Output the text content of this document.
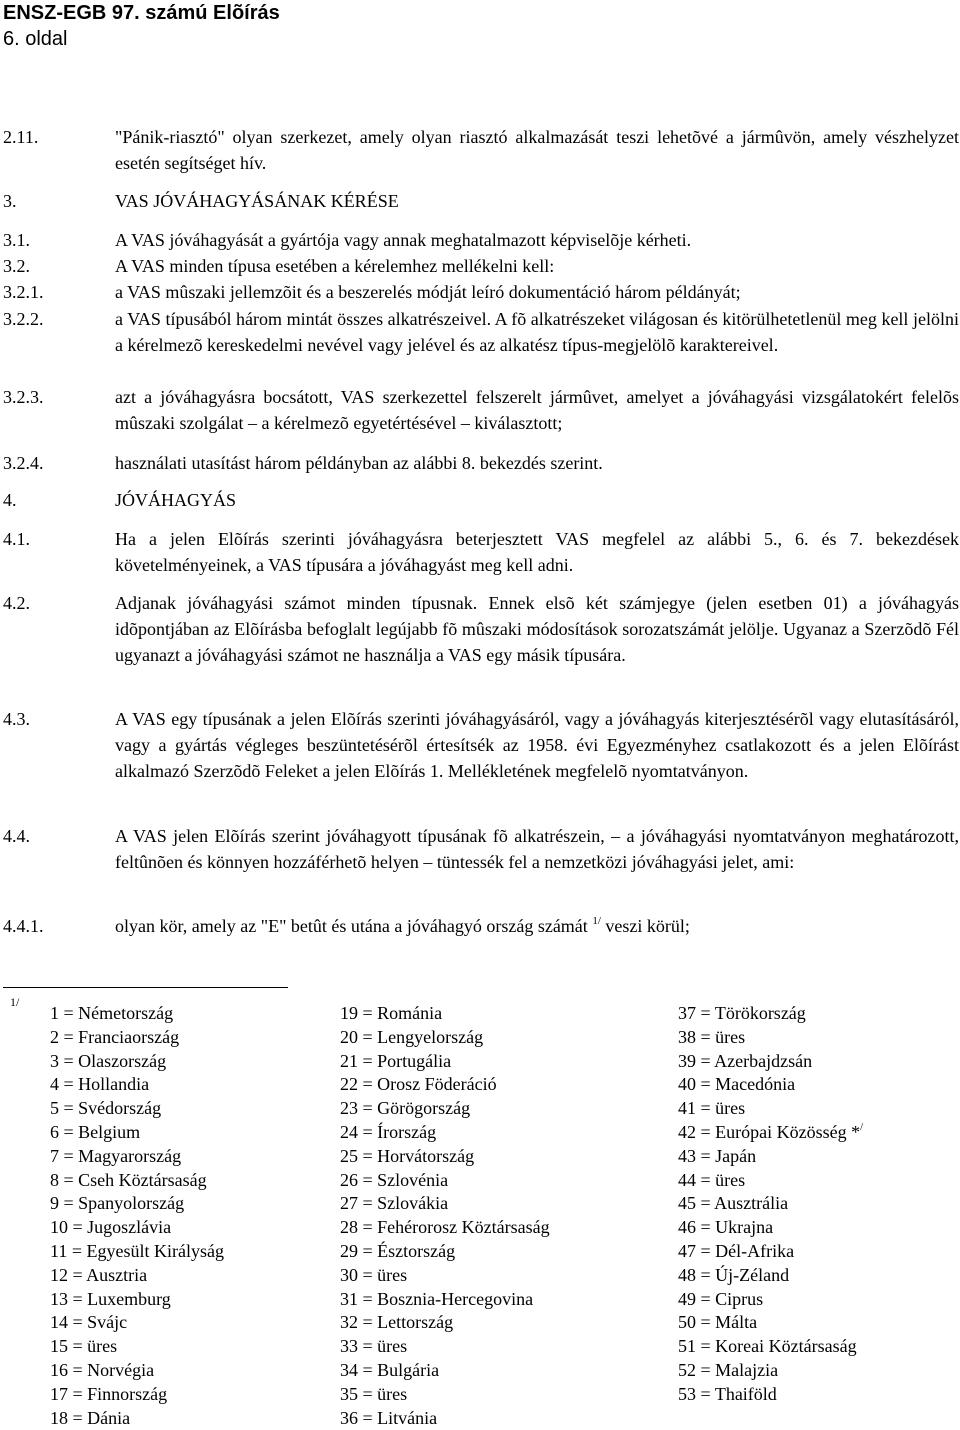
ENSZ-EGB 97. számú Elõírás
6. oldal
2.11.	"Pánik-riasztó" olyan szerkezet, amely olyan riasztó alkalmazását teszi lehetõvé a jármûvön, amely vészhelyzet esetén segítséget hív.
3.	VAS JÓVÁHAGYÁSÁNAK KÉRÉSE
3.1.	A VAS jóváhagyását a gyártója vagy annak meghatalmazott képviselõje kérheti.
3.2.	A VAS minden típusa esetében a kérelemhez mellékelni kell:
3.2.1.	a VAS mûszaki jellemzõit és a beszerelés módját leíró dokumentáció három példányát;
3.2.2.	a VAS típusából három mintát összes alkatrészeivel. A fõ alkatrészeket világosan és kitörülhetetlenül meg kell jelölni a kérelmezõ kereskedelmi nevével vagy jelével és az alkatész típus-megjelölõ karaktereivel.
3.2.3.	azt a jóváhagyásra bocsátott, VAS szerkezettel felszerelt jármûvet, amelyet a jóváhagyási vizsgálatokért felelõs mûszaki szolgálat – a kérelmezõ egyetértésével – kiválasztott;
3.2.4.	használati utasítást három példányban az alábbi 8. bekezdés szerint.
4.	JÓVÁHAGYÁS
4.1.	Ha a jelen Elõírás szerinti jóváhagyásra beterjesztett VAS megfelel az alábbi 5., 6. és 7. bekezdések követelményeinek, a VAS típusára a jóváhagyást meg kell adni.
4.2.	Adjanak jóváhagyási számot minden típusnak. Ennek elsõ két számjegye (jelen esetben 01) a jóváhagyás idõpontjában az Elõírásba befoglalt legújabb fõ mûszaki módosítások sorozatszámát jelölje. Ugyanaz a Szerzõdõ Fél ugyanazt a jóváhagyási számot ne használja a VAS egy másik típusára.
4.3.	A VAS egy típusának a jelen Elõírás szerinti jóváhagyásáról, vagy a jóváhagyás kiterjesztésérõl vagy elutasításáról, vagy a gyártás végleges beszüntetésérõl értesítsék az 1958. évi Egyezményhez csatlakozott és a jelen Elõírást alkalmazó Szerzõdõ Feleket a jelen Elõírás 1. Mellékletének megfelelõ nyomtatványon.
4.4.	A VAS jelen Elõírás szerint jóváhagyott típusának fõ alkatrészein, – a jóváhagyási nyomtatványon meghatározott, feltûnõen és könnyen hozzáférhetõ helyen – tüntessék fel a nemzetközi jóváhagyási jelet, ami:
4.4.1.	olyan kör, amely az "E" betût és utána a jóváhagyó ország számát $^{1/}$ veszi körül;
1/
1 = Németország
2 = Franciaország
3 = Olaszország
4 = Hollandia
5 = Svédország
6 = Belgium
7 = Magyarország
8 = Cseh Köztársaság
9 = Spanyolország
10 = Jugoszlávia
11 = Egyesült Királyság
12 = Ausztria
13 = Luxemburg
14 = Svájc
15 = üres
16 = Norvégia
17 = Finnország
18 = Dánia
19 = Románia
20 = Lengyelország
21 = Portugália
22 = Orosz Föderáció
23 = Görögország
24 = Írország
25 = Horvátország
26 = Szlovénia
27 = Szlovákia
28 = Fehérorosz Köztársaság
29 = Észtország
30 = üres
31 = Bosznia-Hercegovina
32 = Lettország
33 = üres
34 = Bulgária
35 = üres
36 = Litvánia
37 = Törökország
38 = üres
39 = Azerbajdzsán
40 = Macedónia
41 = üres
42 = Európai Közösség */
43 = Japán
44 = üres
45 = Ausztrália
46 = Ukrajna
47 = Dél-Afrika
48 = Új-Zéland
49 = Ciprus
50 = Málta
51 = Koreai Köztársaság
52 = Malajzia
53 = Thaiföld
